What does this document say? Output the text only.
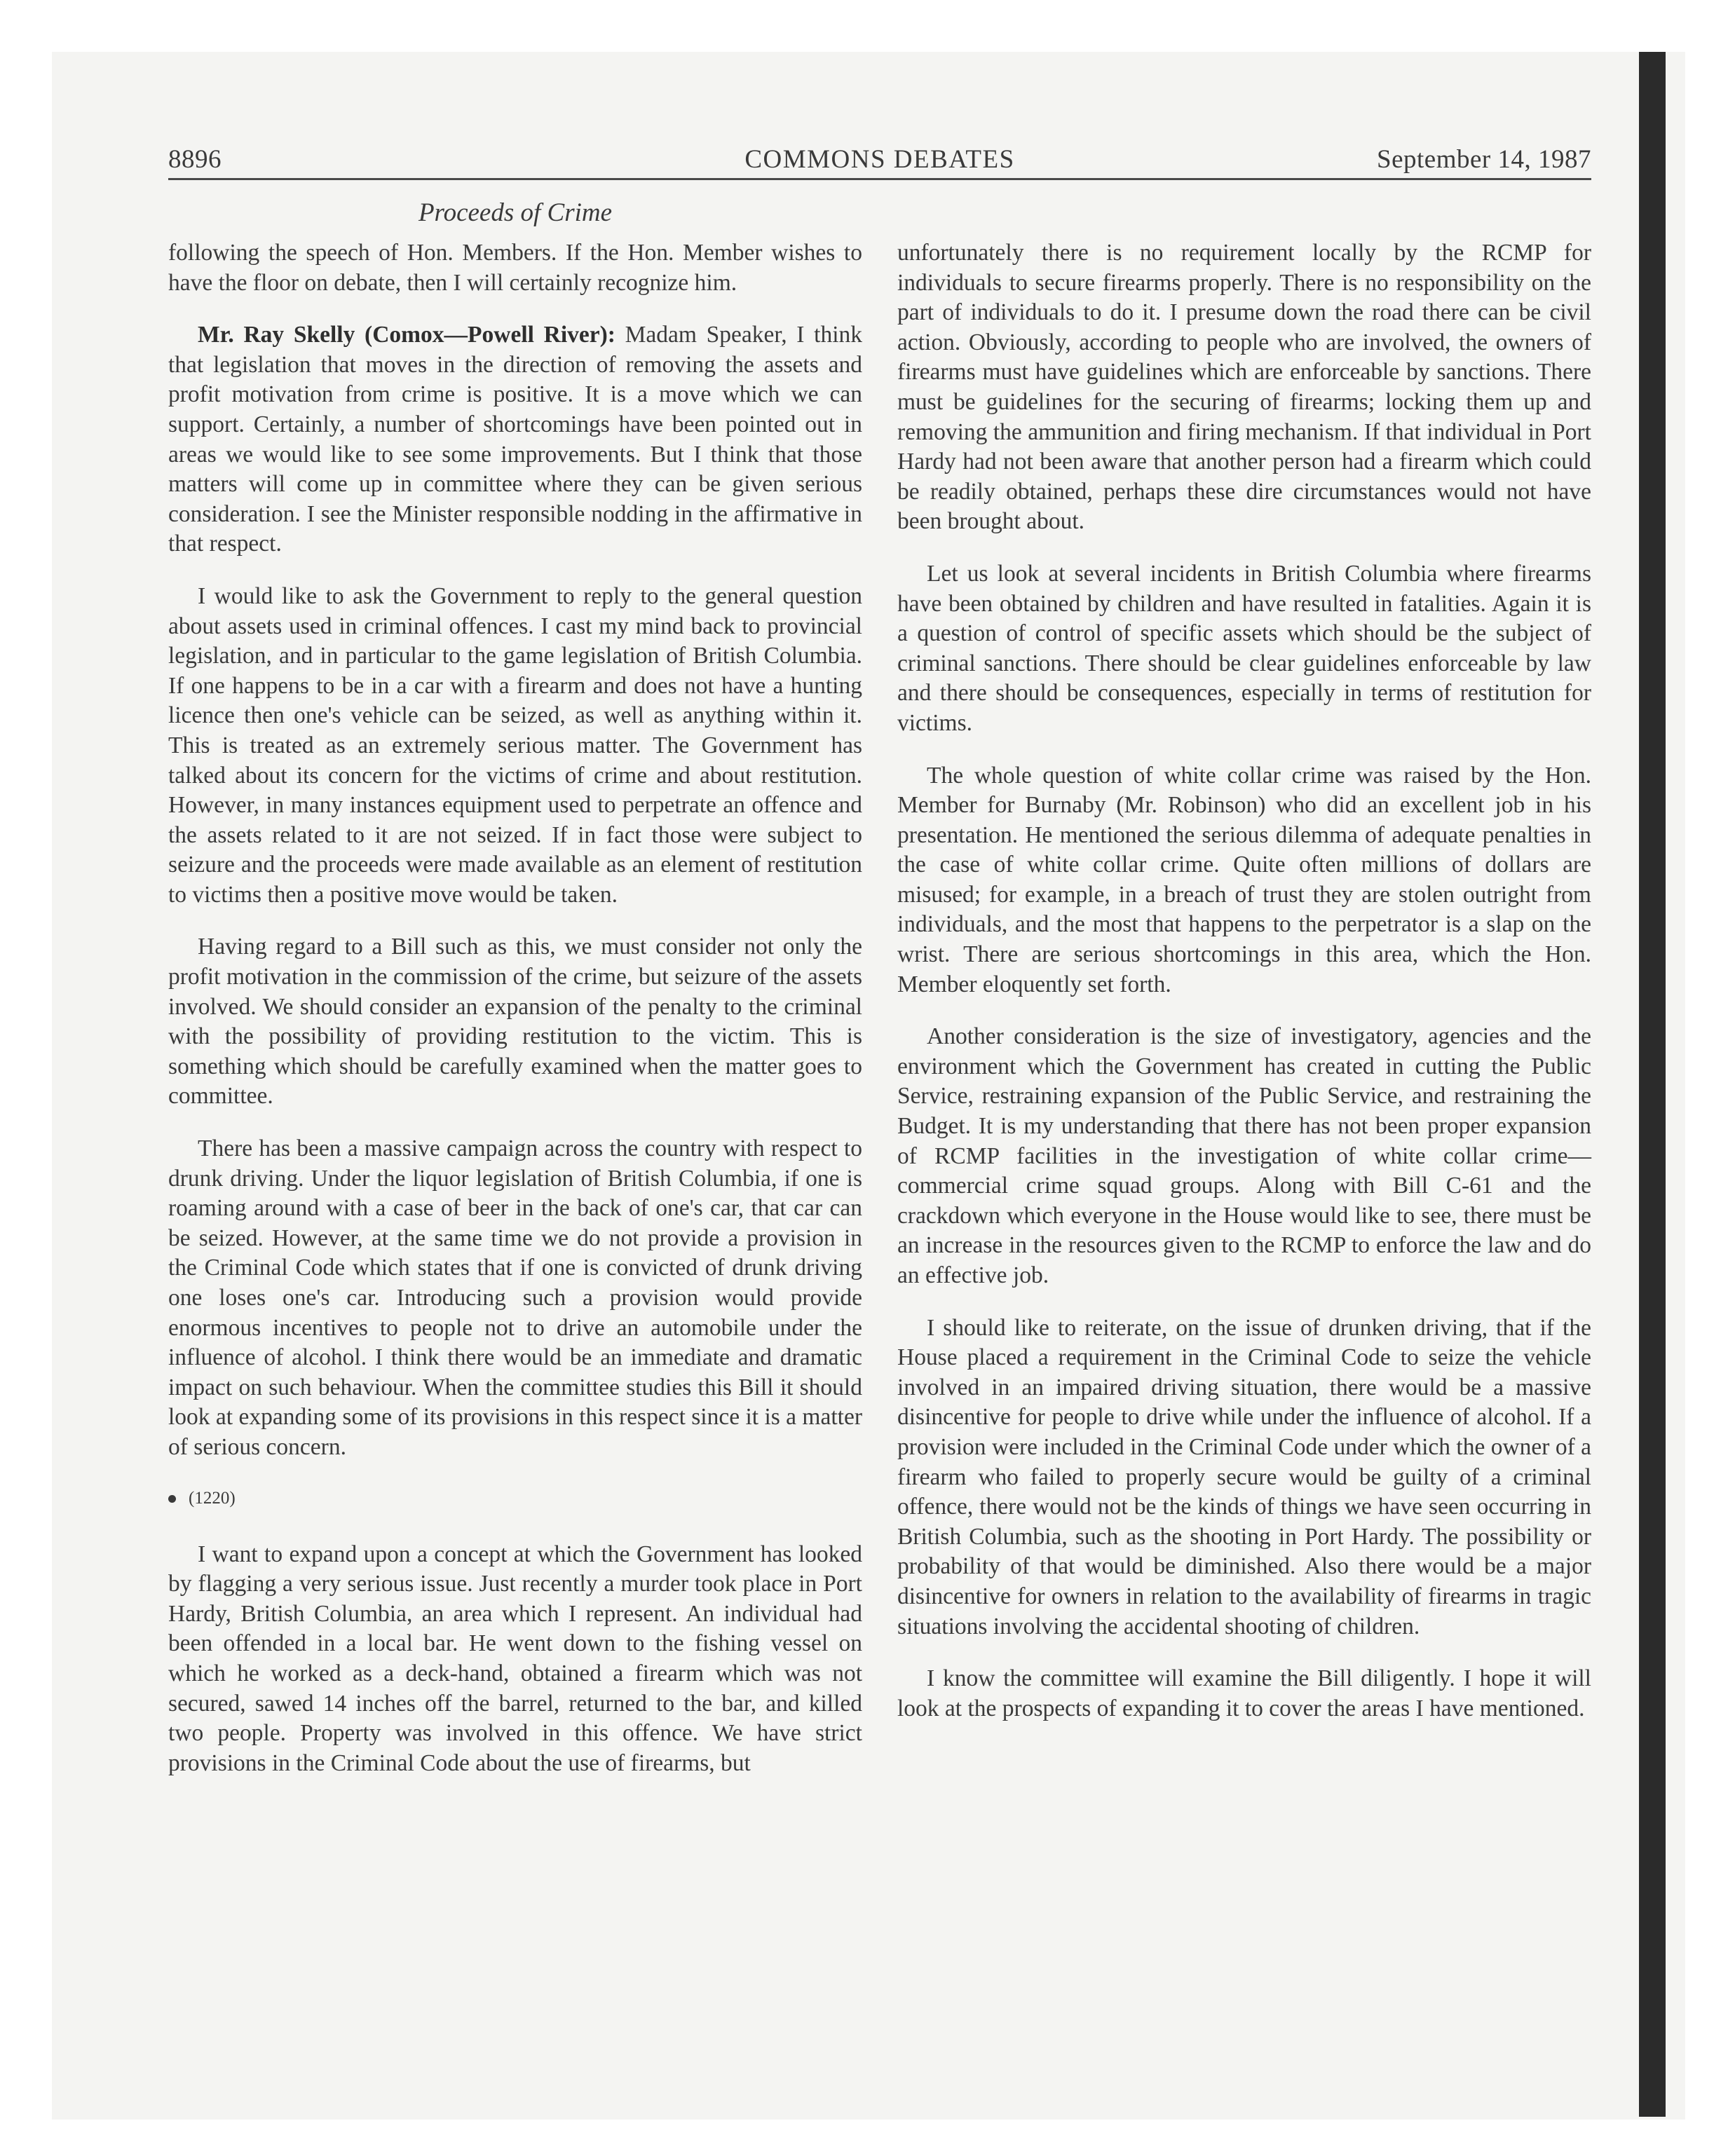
8896	COMMONS DEBATES	September 14, 1987
Proceeds of Crime

following the speech of Hon. Members. If the Hon. Member wishes to have the floor on debate, then I will certainly recognize him.

Mr. Ray Skelly (Comox—Powell River): Madam Speaker, I think that legislation that moves in the direction of removing the assets and profit motivation from crime is positive. It is a move which we can support. Certainly, a number of shortcomings have been pointed out in areas we would like to see some improvements. But I think that those matters will come up in committee where they can be given serious consideration. I see the Minister responsible nodding in the affirmative in that respect.

I would like to ask the Government to reply to the general question about assets used in criminal offences. I cast my mind back to provincial legislation, and in particular to the game legislation of British Columbia. If one happens to be in a car with a firearm and does not have a hunting licence then one's vehicle can be seized, as well as anything within it. This is treated as an extremely serious matter. The Government has talked about its concern for the victims of crime and about restitution. However, in many instances equipment used to perpetrate an offence and the assets related to it are not seized. If in fact those were subject to seizure and the proceeds were made available as an element of restitution to victims then a positive move would be taken.

Having regard to a Bill such as this, we must consider not only the profit motivation in the commission of the crime, but seizure of the assets involved. We should consider an expansion of the penalty to the criminal with the possibility of providing restitution to the victim. This is something which should be carefully examined when the matter goes to committee.

There has been a massive campaign across the country with respect to drunk driving. Under the liquor legislation of British Columbia, if one is roaming around with a case of beer in the back of one's car, that car can be seized. However, at the same time we do not provide a provision in the Criminal Code which states that if one is convicted of drunk driving one loses one's car. Introducing such a provision would provide enormous incentives to people not to drive an automobile under the influence of alcohol. I think there would be an immediate and dramatic impact on such behaviour. When the committee studies this Bill it should look at expanding some of its provisions in this respect since it is a matter of serious concern.

(1220)

I want to expand upon a concept at which the Government has looked by flagging a very serious issue. Just recently a murder took place in Port Hardy, British Columbia, an area which I represent. An individual had been offended in a local bar. He went down to the fishing vessel on which he worked as a deck-hand, obtained a firearm which was not secured, sawed 14 inches off the barrel, returned to the bar, and killed two people. Property was involved in this offence. We have strict provisions in the Criminal Code about the use of firearms, but

unfortunately there is no requirement locally by the RCMP for individuals to secure firearms properly. There is no responsibility on the part of individuals to do it. I presume down the road there can be civil action. Obviously, according to people who are involved, the owners of firearms must have guidelines which are enforceable by sanctions. There must be guidelines for the securing of firearms; locking them up and removing the ammunition and firing mechanism. If that individual in Port Hardy had not been aware that another person had a firearm which could be readily obtained, perhaps these dire circumstances would not have been brought about.

Let us look at several incidents in British Columbia where firearms have been obtained by children and have resulted in fatalities. Again it is a question of control of specific assets which should be the subject of criminal sanctions. There should be clear guidelines enforceable by law and there should be consequences, especially in terms of restitution for victims.

The whole question of white collar crime was raised by the Hon. Member for Burnaby (Mr. Robinson) who did an excellent job in his presentation. He mentioned the serious dilemma of adequate penalties in the case of white collar crime. Quite often millions of dollars are misused; for example, in a breach of trust they are stolen outright from individuals, and the most that happens to the perpetrator is a slap on the wrist. There are serious shortcomings in this area, which the Hon. Member eloquently set forth.

Another consideration is the size of investigatory, agencies and the environment which the Government has created in cutting the Public Service, restraining expansion of the Public Service, and restraining the Budget. It is my understanding that there has not been proper expansion of RCMP facilities in the investigation of white collar crime—commercial crime squad groups. Along with Bill C-61 and the crackdown which everyone in the House would like to see, there must be an increase in the resources given to the RCMP to enforce the law and do an effective job.

I should like to reiterate, on the issue of drunken driving, that if the House placed a requirement in the Criminal Code to seize the vehicle involved in an impaired driving situation, there would be a massive disincentive for people to drive while under the influence of alcohol. If a provision were included in the Criminal Code under which the owner of a firearm who failed to properly secure would be guilty of a criminal offence, there would not be the kinds of things we have seen occurring in British Columbia, such as the shooting in Port Hardy. The possibility or probability of that would be diminished. Also there would be a major disincentive for owners in relation to the availability of firearms in tragic situations involving the accidental shooting of children.

I know the committee will examine the Bill diligently. I hope it will look at the prospects of expanding it to cover the areas I have mentioned.
